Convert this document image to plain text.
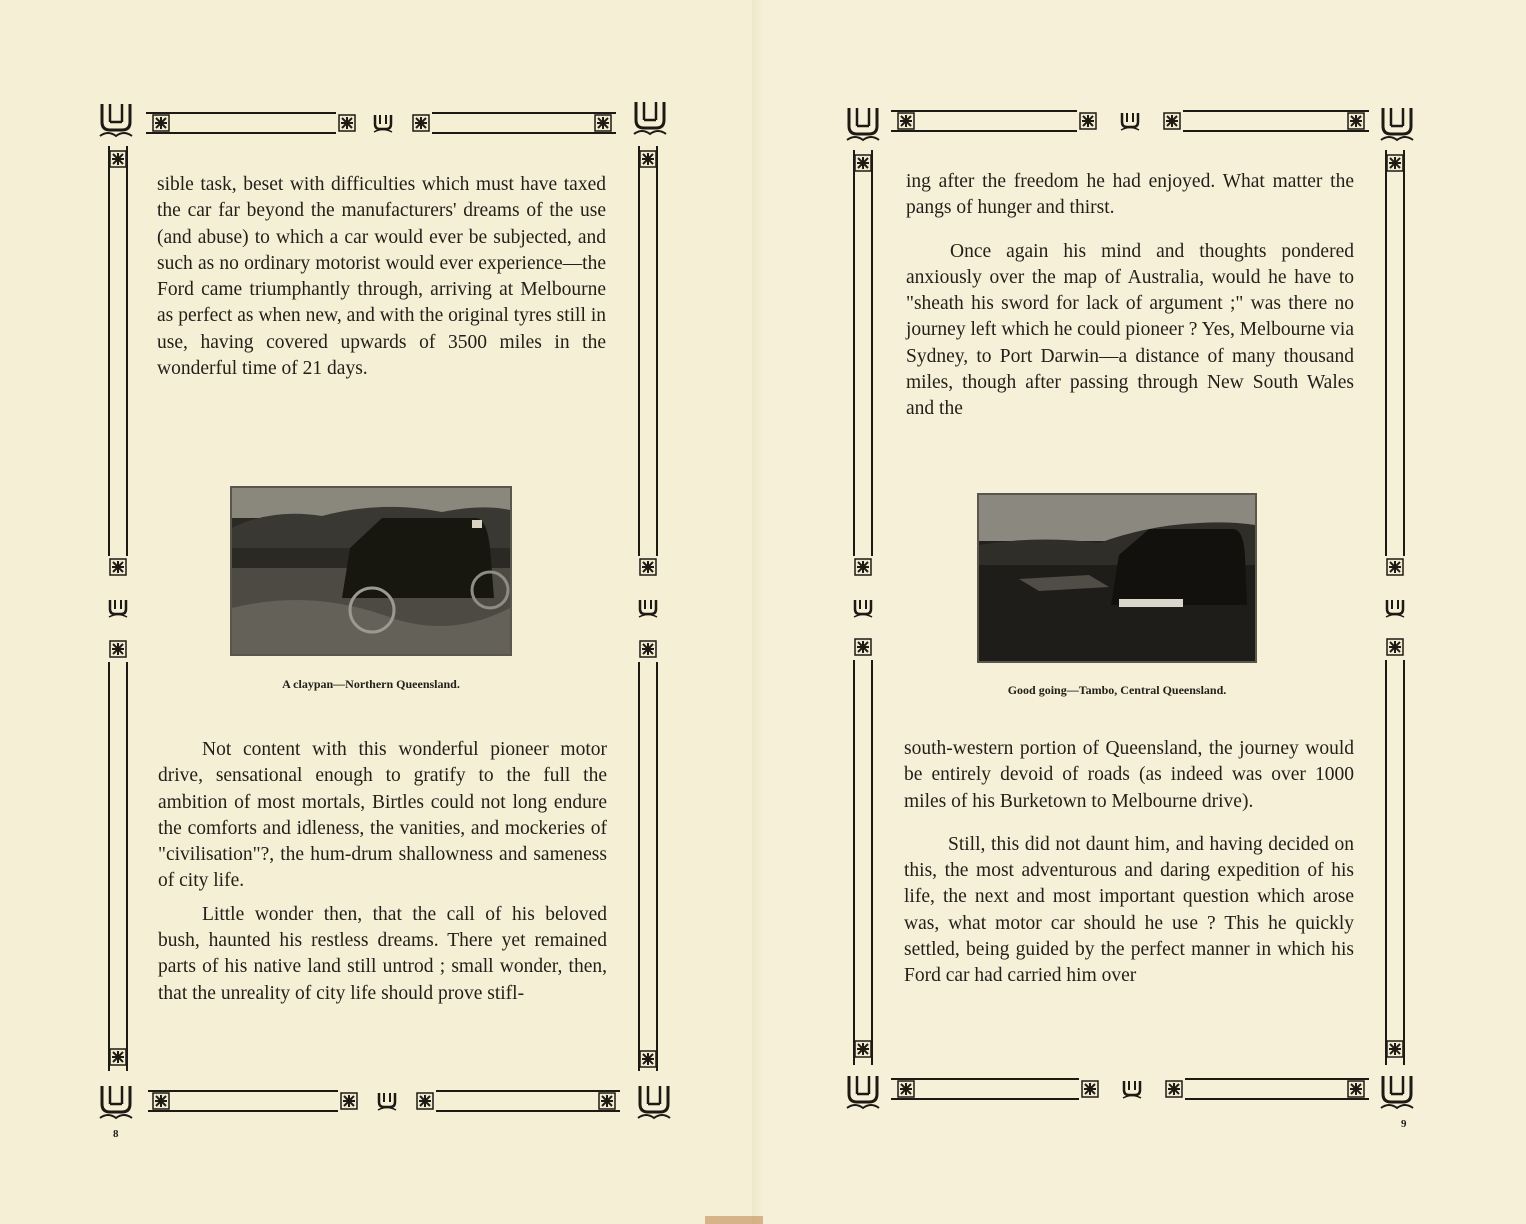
sible task, beset with difficulties which must have taxed the car far beyond the manufacturers' dreams of the use (and abuse) to which a car would ever be subjected, and such as no ordinary motorist would ever experience—the Ford came triumphantly through, arriving at Melbourne as perfect as when new, and with the original tyres still in use, having covered upwards of 3500 miles in the wonderful time of 21 days.

A claypan—Northern Queensland.

Not content with this wonderful pioneer motor drive, sensational enough to gratify to the full the ambition of most mortals, Birtles could not long endure the comforts and idleness, the vanities, and mockeries of "civilisation"?, the hum-drum shallowness and sameness of city life.

Little wonder then, that the call of his beloved bush, haunted his restless dreams. There yet remained parts of his native land still untrod ; small wonder, then, that the unreality of city life should prove stifl-

8

ing after the freedom he had enjoyed. What matter the pangs of hunger and thirst.

Once again his mind and thoughts pondered anxiously over the map of Australia, would he have to "sheath his sword for lack of argument ;" was there no journey left which he could pioneer ? Yes, Melbourne via Sydney, to Port Darwin—a distance of many thousand miles, though after passing through New South Wales and the

Good going—Tambo, Central Queensland.

south-western portion of Queensland, the journey would be entirely devoid of roads (as indeed was over 1000 miles of his Burketown to Melbourne drive).

Still, this did not daunt him, and having decided on this, the most adventurous and daring expedition of his life, the next and most important question which arose was, what motor car should he use ? This he quickly settled, being guided by the perfect manner in which his Ford car had carried him over

9
